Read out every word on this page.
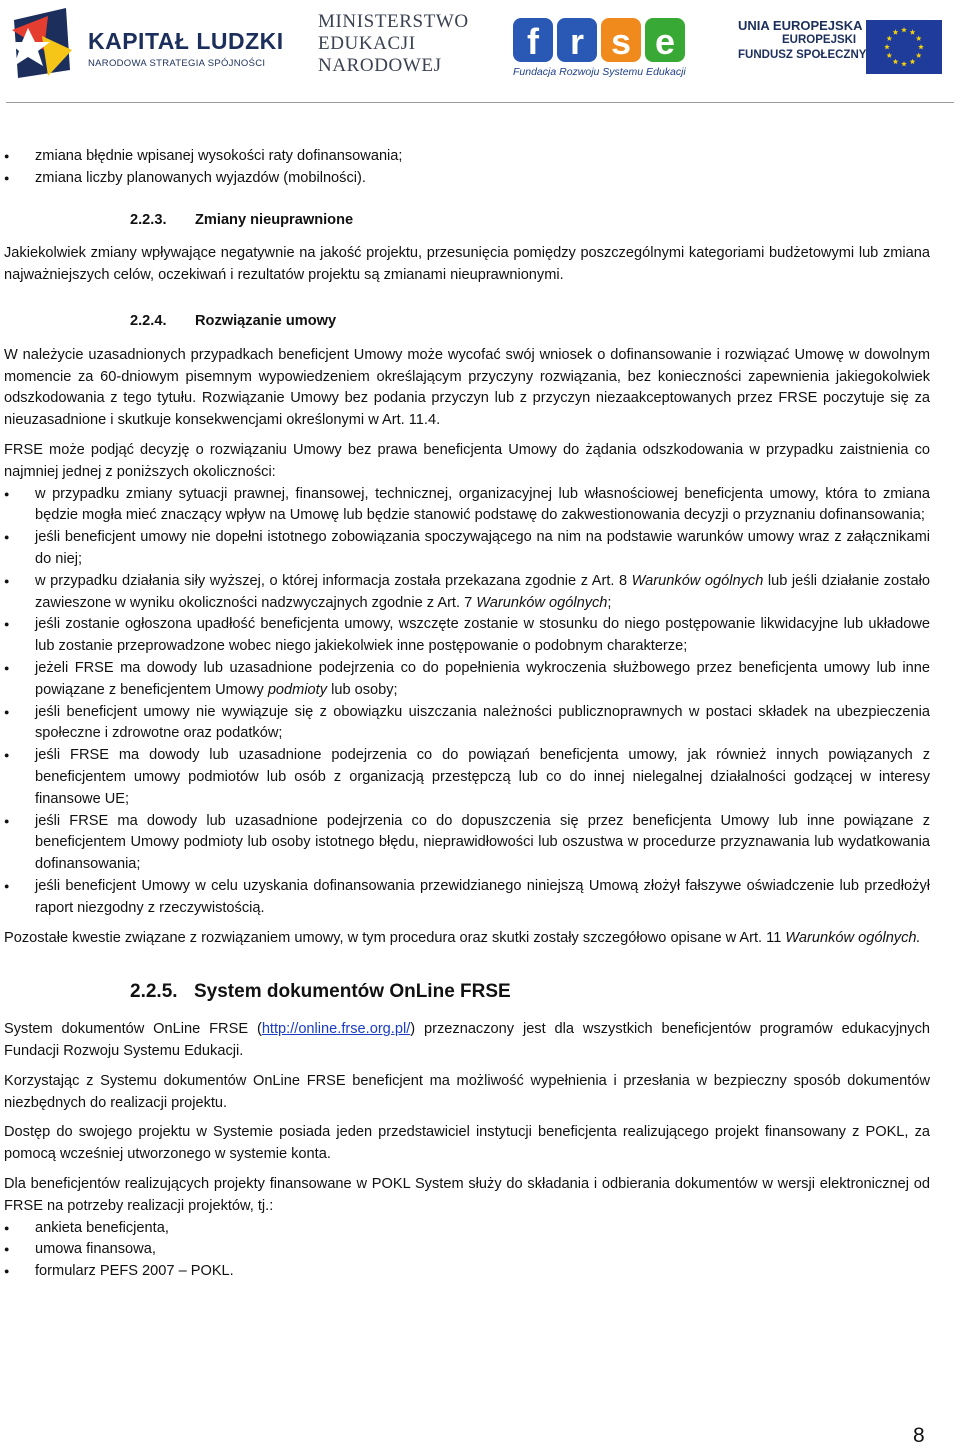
KAPITAŁ LUDZKI
NARODOWA STRATEGIA SPÓJNOŚCI
MINISTERSTWO
EDUKACJI
NARODOWEJ
f r s e
Fundacja Rozwoju Systemu Edukacji
UNIA EUROPEJSKA
EUROPEJSKI
FUNDUSZ SPOŁECZNY
● zmiana błędnie wpisanej wysokości raty dofinansowania;
● zmiana liczby planowanych wyjazdów (mobilności).

2.2.3. Zmiany nieuprawnione

Jakiekolwiek zmiany wpływające negatywnie na jakość projektu, przesunięcia pomiędzy poszczególnymi kategoriami budżetowymi lub zmiana najważniejszych celów, oczekiwań i rezultatów projektu są zmianami nieuprawnionymi.

2.2.4. Rozwiązanie umowy

W należycie uzasadnionych przypadkach beneficjent Umowy może wycofać swój wniosek o dofinansowanie i rozwiązać Umowę w dowolnym momencie za 60-dniowym pisemnym wypowiedzeniem określającym przyczyny rozwiązania, bez konieczności zapewnienia jakiegokolwiek odszkodowania z tego tytułu. Rozwiązanie Umowy bez podania przyczyn lub z przyczyn niezaakceptowanych przez FRSE poczytuje się za nieuzasadnione i skutkuje konsekwencjami określonymi w Art. 11.4.

FRSE może podjąć decyzję o rozwiązaniu Umowy bez prawa beneficjenta Umowy do żądania odszkodowania w przypadku zaistnienia co najmniej jednej z poniższych okoliczności:

● w przypadku zmiany sytuacji prawnej, finansowej, technicznej, organizacyjnej lub własnościowej beneficjenta umowy, która to zmiana będzie mogła mieć znaczący wpływ na Umowę lub będzie stanowić podstawę do zakwestionowania decyzji o przyznaniu dofinansowania;
● jeśli beneficjent umowy nie dopełni istotnego zobowiązania spoczywającego na nim na podstawie warunków umowy wraz z załącznikami do niej;
● w przypadku działania siły wyższej, o której informacja została przekazana zgodnie z Art. 8 Warunków ogólnych lub jeśli działanie zostało zawieszone w wyniku okoliczności nadzwyczajnych zgodnie z Art. 7 Warunków ogólnych;
● jeśli zostanie ogłoszona upadłość beneficjenta umowy, wszczęte zostanie w stosunku do niego postępowanie likwidacyjne lub układowe lub zostanie przeprowadzone wobec niego jakiekolwiek inne postępowanie o podobnym charakterze;
● jeżeli FRSE ma dowody lub uzasadnione podejrzenia co do popełnienia wykroczenia służbowego przez beneficjenta umowy lub inne powiązane z beneficjentem Umowy podmioty lub osoby;
● jeśli beneficjent umowy nie wywiązuje się z obowiązku uiszczania należności publicznoprawnych w postaci składek na ubezpieczenia społeczne i zdrowotne oraz podatków;
● jeśli FRSE ma dowody lub uzasadnione podejrzenia co do powiązań beneficjenta umowy, jak również innych powiązanych z beneficjentem umowy podmiotów lub osób z organizacją przestępczą lub co do innej nielegalnej działalności godzącej w interesy finansowe UE;
● jeśli FRSE ma dowody lub uzasadnione podejrzenia co do dopuszczenia się przez beneficjenta Umowy lub inne powiązane z beneficjentem Umowy podmioty lub osoby istotnego błędu, nieprawidłowości lub oszustwa w procedurze przyznawania lub wydatkowania dofinansowania;
● jeśli beneficjent Umowy w celu uzyskania dofinansowania przewidzianego niniejszą Umową złożył fałszywe oświadczenie lub przedłożył raport niezgodny z rzeczywistością.

Pozostałe kwestie związane z rozwiązaniem umowy, w tym procedura oraz skutki zostały szczegółowo opisane w Art. 11 Warunków ogólnych.

2.2.5. System dokumentów OnLine FRSE

System dokumentów OnLine FRSE (http://online.frse.org.pl/) przeznaczony jest dla wszystkich beneficjentów programów edukacyjnych Fundacji Rozwoju Systemu Edukacji.

Korzystając z Systemu dokumentów OnLine FRSE beneficjent ma możliwość wypełnienia i przesłania w bezpieczny sposób dokumentów niezbędnych do realizacji projektu.

Dostęp do swojego projektu w Systemie posiada jeden przedstawiciel instytucji beneficjenta realizującego projekt finansowany z POKL, za pomocą wcześniej utworzonego w systemie konta.

Dla beneficjentów realizujących projekty finansowane w POKL System służy do składania i odbierania dokumentów w wersji elektronicznej od FRSE na potrzeby realizacji projektów, tj.:

● ankieta beneficjenta,
● umowa finansowa,
● formularz PEFS 2007 – POKL.
8
